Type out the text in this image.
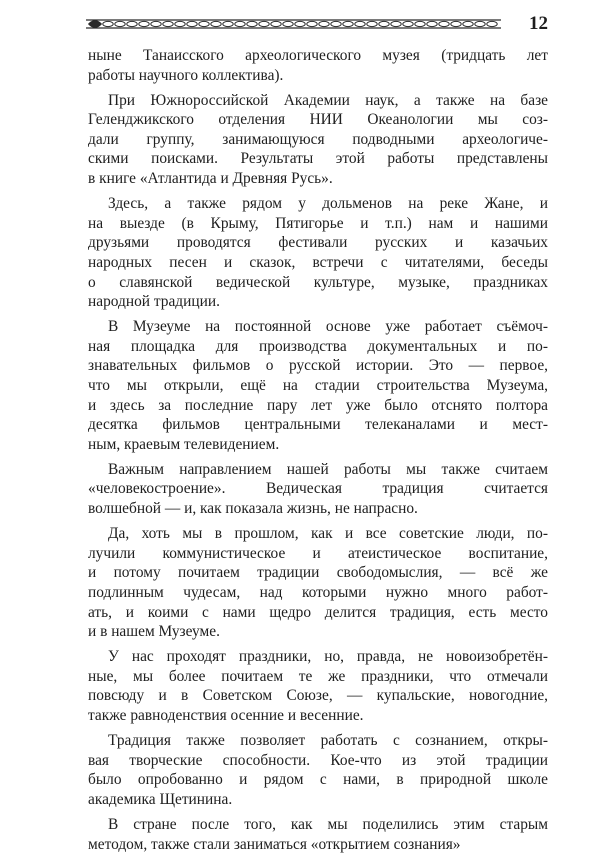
12
ныне Танаисского археологического музея (тридцать лет
работы научного коллектива).
При Южнороссийской Академии наук, а также на базе
Геленджикского отделения НИИ Океанологии мы соз-
дали группу, занимающуюся подводными археологиче-
скими поисками. Результаты этой работы представлены
в книге «Атлантида и Древняя Русь».
Здесь, а также рядом у дольменов на реке Жане, и
на выезде (в Крыму, Пятигорье и т.п.) нам и нашими
друзьями проводятся фестивали русских и казачьих
народных песен и сказок, встречи с читателями, беседы
о славянской ведической культуре, музыке, праздниках
народной традиции.
В Музеуме на постоянной основе уже работает съёмоч-
ная площадка для производства документальных и по-
знавательных фильмов о русской истории. Это — первое,
что мы открыли, ещё на стадии строительства Музеума,
и здесь за последние пару лет уже было отснято полтора
десятка фильмов центральными телеканалами и мест-
ным, краевым телевидением.
Важным направлением нашей работы мы также считаем
«человекостроение». Ведическая традиция считается
волшебной — и, как показала жизнь, не напрасно.
Да, хоть мы в прошлом, как и все советские люди, по-
лучили коммунистическое и атеистическое воспитание,
и потому почитаем традиции свободомыслия, — всё же
подлинным чудесам, над которыми нужно много работ-
ать, и коими с нами щедро делится традиция, есть место
и в нашем Музеуме.
У нас проходят праздники, но, правда, не новоизобретён-
ные, мы более почитаем те же праздники, что отмечали
повсюду и в Советском Союзе, — купальские, новогодние,
также равноденствия осенние и весенние.
Традиция также позволяет работать с сознанием, откры-
вая творческие способности. Кое-что из этой традиции
было опробованно и рядом с нами, в природной школе
академика Щетинина.
В стране после того, как мы поделились этим старым
методом, также стали заниматься «открытием сознания»
